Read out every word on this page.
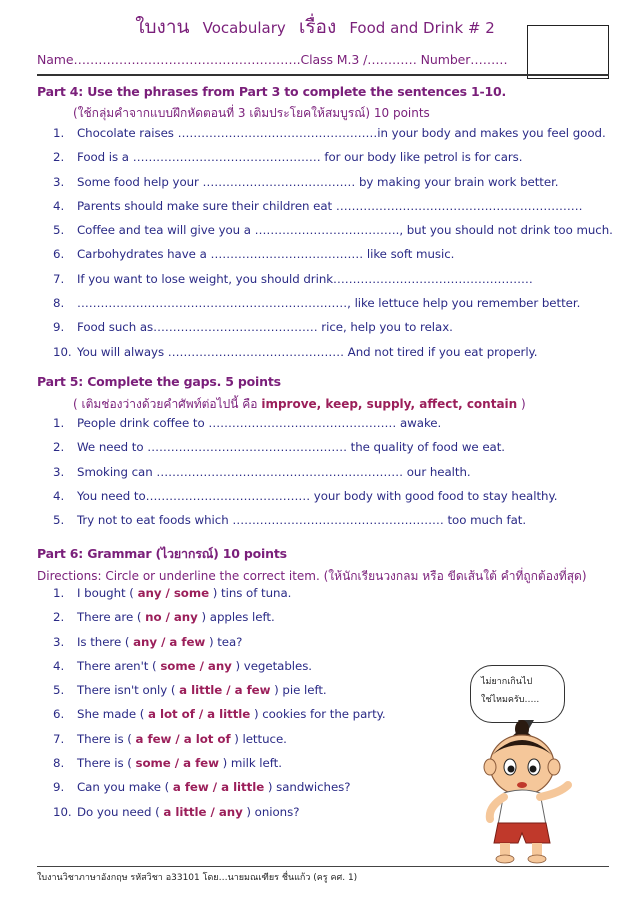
ใบงาน Vocabulary เรื่อง Food and Drink # 2
Name……………………………………………….Class M.3 /………… Number………
Part 4: Use the phrases from Part 3 to complete the sentences 1-10.
(ใช้กลุ่มคำจากแบบฝึกหัดตอนที่ 3 เติมประโยคให้สมบูรณ์) 10 points
1. Chocolate raises ……………………………………………in your body and makes you feel good.
2. Food is a ………………………………………… for our body like petrol is for cars.
3. Some food help your ………………………………… by making your brain work better.
4. Parents should make sure their children eat ………………………………………………………
5. Coffee and tea will give you a ………………………………., but you should not drink too much.
6. Carbohydrates have a ………………………………… like soft music.
7. If you want to lose weight, you should drink……………………………………………
8. ……………………………………………………………, like lettuce help you remember better.
9. Food such as…………………………………… rice, help you to relax.
10. You will always ……………………………………… And not tired if you eat properly.
Part 5: Complete the gaps. 5 points
( เติมช่องว่างด้วยคำศัพท์ต่อไปนี้ คือ improve, keep, supply, affect, contain )
1. People drink coffee to ………………………………………… awake.
2. We need to …………………………………………… the quality of food we eat.
3. Smoking can ……………………………………………………… our health.
4. You need to…………………………………… your body with good food to stay healthy.
5. Try not to eat foods which ……………………………………………… too much fat.
Part 6: Grammar (ไวยากรณ์) 10 points
Directions: Circle or underline the correct item. (ให้นักเรียนวงกลม หรือ ขีดเส้นใต้ คำที่ถูกต้องที่สุด)
1. I bought ( any / some ) tins of tuna.
2. There are ( no / any ) apples left.
3. Is there ( any / a few ) tea?
4. There aren't ( some / any ) vegetables.
5. There isn't only ( a little / a few ) pie left.
6. She made ( a lot of / a little ) cookies for the party.
7. There is ( a few / a lot of ) lettuce.
8. There is ( some / a few ) milk left.
9. Can you make ( a few / a little ) sandwiches?
10. Do you need ( a little / any ) onions?
ไม่ยากเกินไป
ใช่ไหมครับ…..
ใบงานวิชาภาษาอังกฤษ รหัสวิชา อ33101 โดย…นายมณเฑียร ชื่นแก้ว (ครู คศ. 1)
